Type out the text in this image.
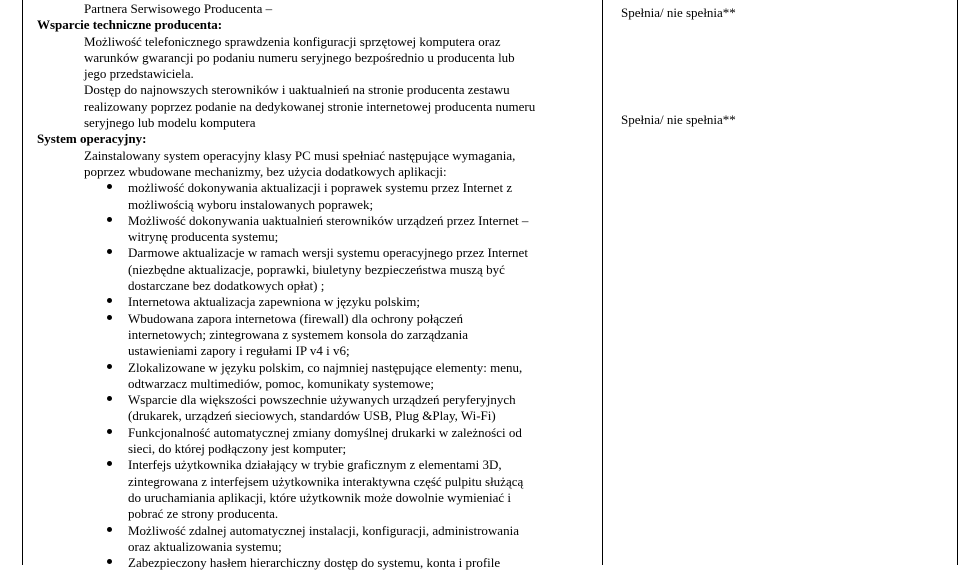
Partnera Serwisowego Producenta –
Wsparcie techniczne producenta:
Możliwość telefonicznego sprawdzenia konfiguracji sprzętowej komputera oraz
warunków gwarancji po podaniu numeru seryjnego bezpośrednio u producenta lub
jego przedstawiciela.
Dostęp do najnowszych sterowników i uaktualnień na stronie producenta zestawu
realizowany poprzez podanie na dedykowanej stronie internetowej producenta numeru
seryjnego lub modelu komputera
System operacyjny:
Zainstalowany system operacyjny klasy PC musi spełniać następujące wymagania,
poprzez wbudowane mechanizmy, bez użycia dodatkowych aplikacji:
możliwość dokonywania aktualizacji i poprawek systemu przez Internet z
możliwością wyboru instalowanych poprawek;
Możliwość dokonywania uaktualnień sterowników urządzeń przez Internet –
witrynę producenta systemu;
Darmowe aktualizacje w ramach wersji systemu operacyjnego przez Internet
(niezbędne aktualizacje, poprawki, biuletyny bezpieczeństwa muszą być
dostarczane bez dodatkowych opłat) ;
Internetowa aktualizacja zapewniona w języku polskim;
Wbudowana zapora internetowa (firewall) dla ochrony połączeń
internetowych; zintegrowana z systemem konsola do zarządzania
ustawieniami zapory i regułami IP v4 i v6;
Zlokalizowane w języku polskim, co najmniej następujące elementy: menu,
odtwarzacz multimediów, pomoc, komunikaty systemowe;
Wsparcie dla większości powszechnie używanych urządzeń peryferyjnych
(drukarek, urządzeń sieciowych, standardów USB, Plug &Play, Wi-Fi)
Funkcjonalność automatycznej zmiany domyślnej drukarki w zależności od
sieci, do której podłączony jest komputer;
Interfejs użytkownika działający w trybie graficznym z elementami 3D,
zintegrowana z interfejsem użytkownika interaktywna część pulpitu służącą
do uruchamiania aplikacji, które użytkownik może dowolnie wymieniać i
pobrać ze strony producenta.
Możliwość zdalnej automatycznej instalacji, konfiguracji, administrowania
oraz aktualizowania systemu;
Zabezpieczony hasłem hierarchiczny dostęp do systemu, konta i profile
Spełnia/ nie spełnia**
Spełnia/ nie spełnia**
